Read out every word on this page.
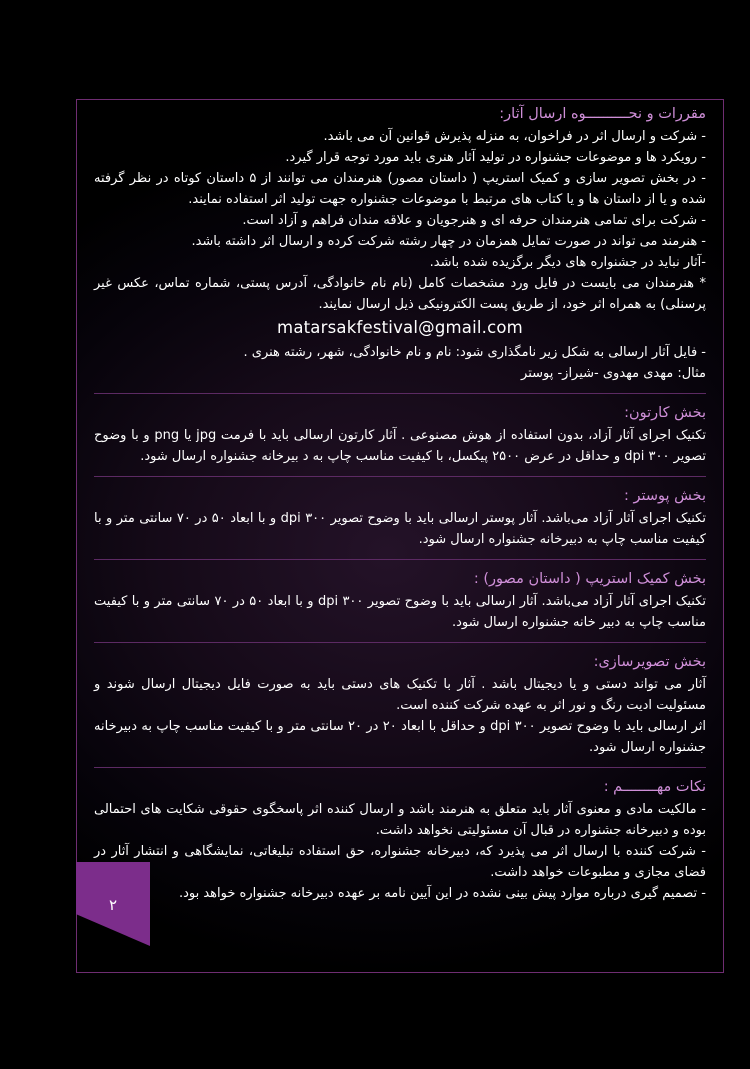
۲
مقررات و نحــــــــــوه ارسال آثار:

- شرکت و ارسال اثر در فراخوان، به منزله پذیرش قوانین آن می باشد.

- رویکرد ها و موضوعات جشنواره در تولید آثار هنری باید مورد توجه قرار گیرد.

- در بخش تصویر سازی و کمیک استریپ ( داستان مصور) هنرمندان می توانند از ۵ داستان کوتاه در نظر گرفته شده و یا از داستان ها و یا کتاب های مرتبط با موضوعات جشنواره جهت تولید اثر استفاده نمایند.

- شرکت برای تمامی هنرمندان حرفه ای و هنرجویان و علاقه مندان فراهم و آزاد است.

- هنرمند می تواند در صورت تمایل همزمان در چهار رشته شرکت کرده و ارسال اثر داشته باشد.

-آثار نباید در جشنواره های دیگر برگزیده شده باشد.

* هنرمندان می بایست در فایل ورد مشخصات کامل (نام نام خانوادگی، آدرس پستی، شماره تماس، عکس غیر پرسنلی) به همراه اثر خود، از طریق پست الکترونیکی ذیل ارسال نمایند.

matarsakfestival@gmail.com

- فایل آثار ارسالی به شکل زیر نامگذاری شود: نام و نام خانوادگی، شهر، رشته هنری .

مثال: مهدی مهدوی -شیراز- پوستر

بخش کارتون:

تکنیک اجرای آثار آزاد، بدون استفاده از هوش مصنوعی . آثار کارتون ارسالی باید با فرمت jpg یا png و با وضوح تصویر ۳۰۰ dpi و حداقل در عرض ۲۵۰۰ پیکسل، با کیفیت مناسب چاپ به د بیرخانه جشنواره ارسال شود.

بخش پوستر :

تکنیک اجرای آثار آزاد می‌باشد. آثار پوستر ارسالی باید با وضوح تصویر ۳۰۰ dpi و با ابعاد ۵۰ در ۷۰ سانتی متر و با کیفیت مناسب چاپ به دبیرخانه جشنواره ارسال شود.

بخش کمیک استریپ ( داستان مصور) :

تکنیک اجرای آثار آزاد می‌باشد. آثار ارسالی باید با وضوح تصویر ۳۰۰ dpi و با ابعاد ۵۰ در ۷۰ سانتی متر و با کیفیت مناسب چاپ به دبیر خانه جشنواره ارسال شود.

بخش تصویرسازی:

آثار می تواند دستی و یا دیجیتال باشد . آثار با تکنیک های دستی باید به صورت فایل دیجیتال ارسال شوند و مسئولیت ادیت رنگ و نور اثر به عهده شرکت کننده است.

اثر ارسالی باید با وضوح تصویر ۳۰۰ dpi و حداقل با ابعاد ۲۰ در ۲۰ سانتی متر و با کیفیت مناسب چاپ به دبیرخانه جشنواره ارسال شود.

نکات مهــــــــم :

- مالکیت مادی و معنوی آثار باید متعلق به هنرمند باشد و ارسال کننده اثر پاسخگوی حقوقی شکایت های احتمالی بوده و دبیرخانه جشنواره در قبال آن مسئولیتی نخواهد داشت.

- شرکت کننده با ارسال اثر می پذیرد که، دبیرخانه جشنواره، حق استفاده تبلیغاتی، نمایشگاهی و انتشار آثار در فضای مجازی و مطبوعات خواهد داشت.

- تصمیم گیری درباره موارد پیش بینی نشده در این آیین نامه بر عهده دبیرخانه جشنواره خواهد بود.
